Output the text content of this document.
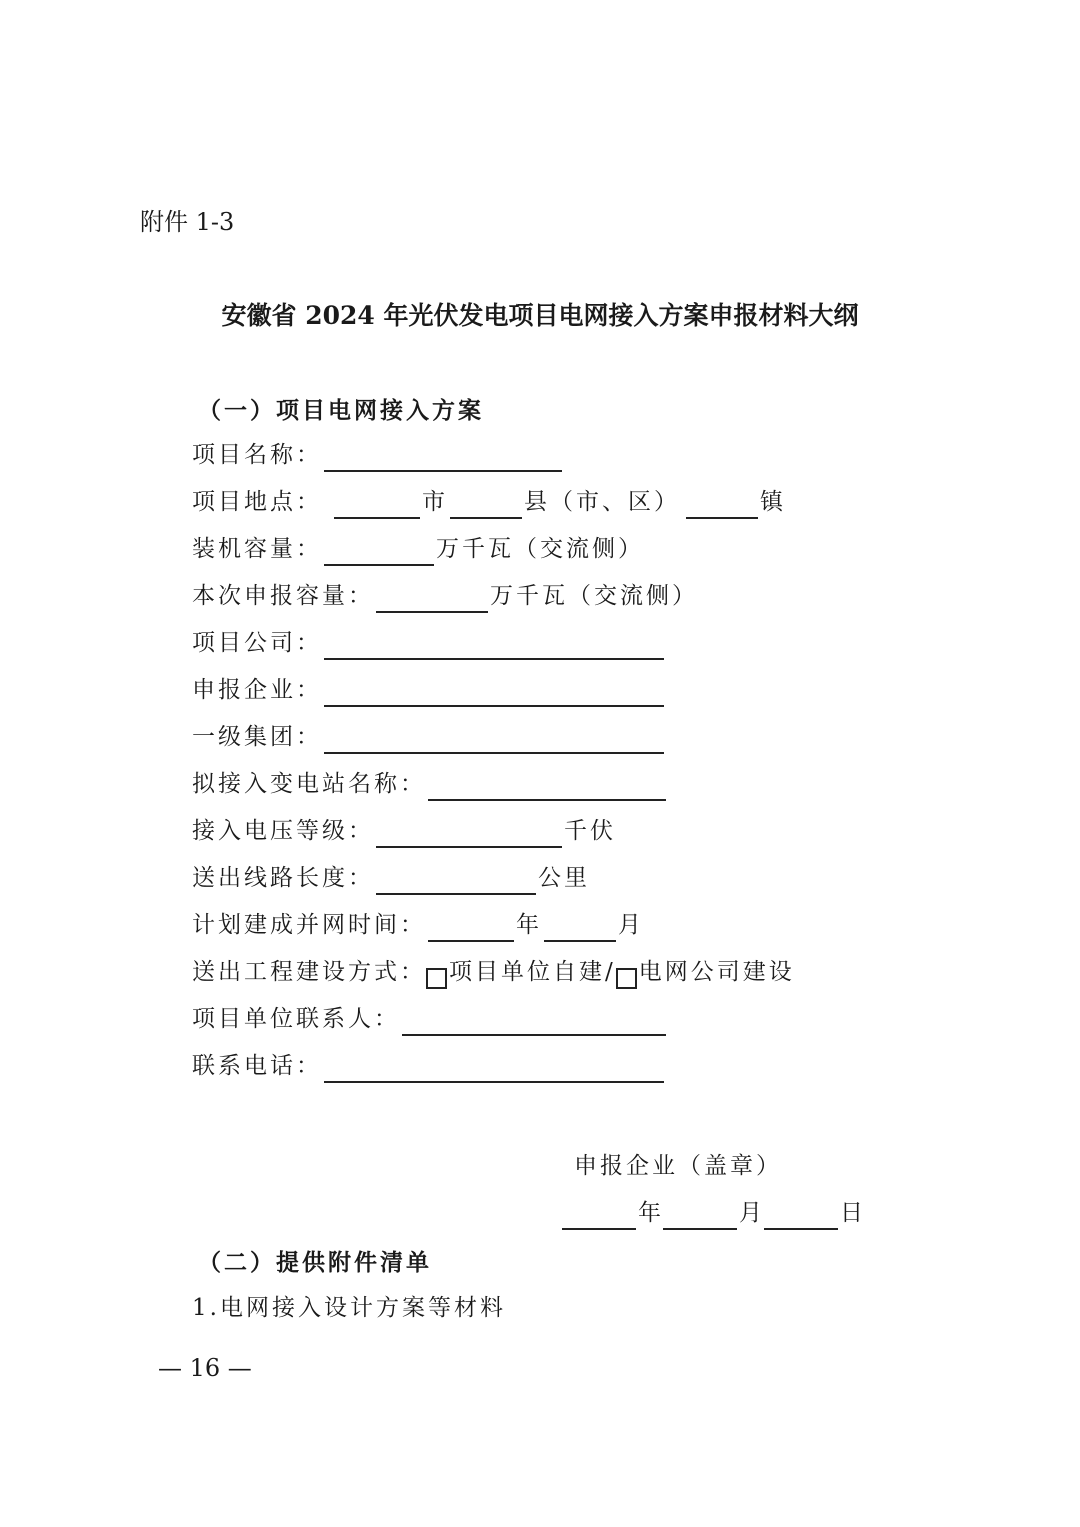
附件 1-3
安徽省 2024 年光伏发电项目电网接入方案申报材料大纲
（一）项目电网接入方案
项目名称：
项目地点：	市	县（市、区）	镇
装机容量：	万千瓦（交流侧）
本次申报容量：	万千瓦（交流侧）
项目公司：
申报企业：
一级集团：
拟接入变电站名称：
接入电压等级：	千伏
送出线路长度：	公里
计划建成并网时间：	年	月
送出工程建设方式： 项目单位自建/ 电网公司建设
项目单位联系人：
联系电话：
申报企业（盖章）
年	月	日
（二）提供附件清单
1.电网接入设计方案等材料
— 16 —
